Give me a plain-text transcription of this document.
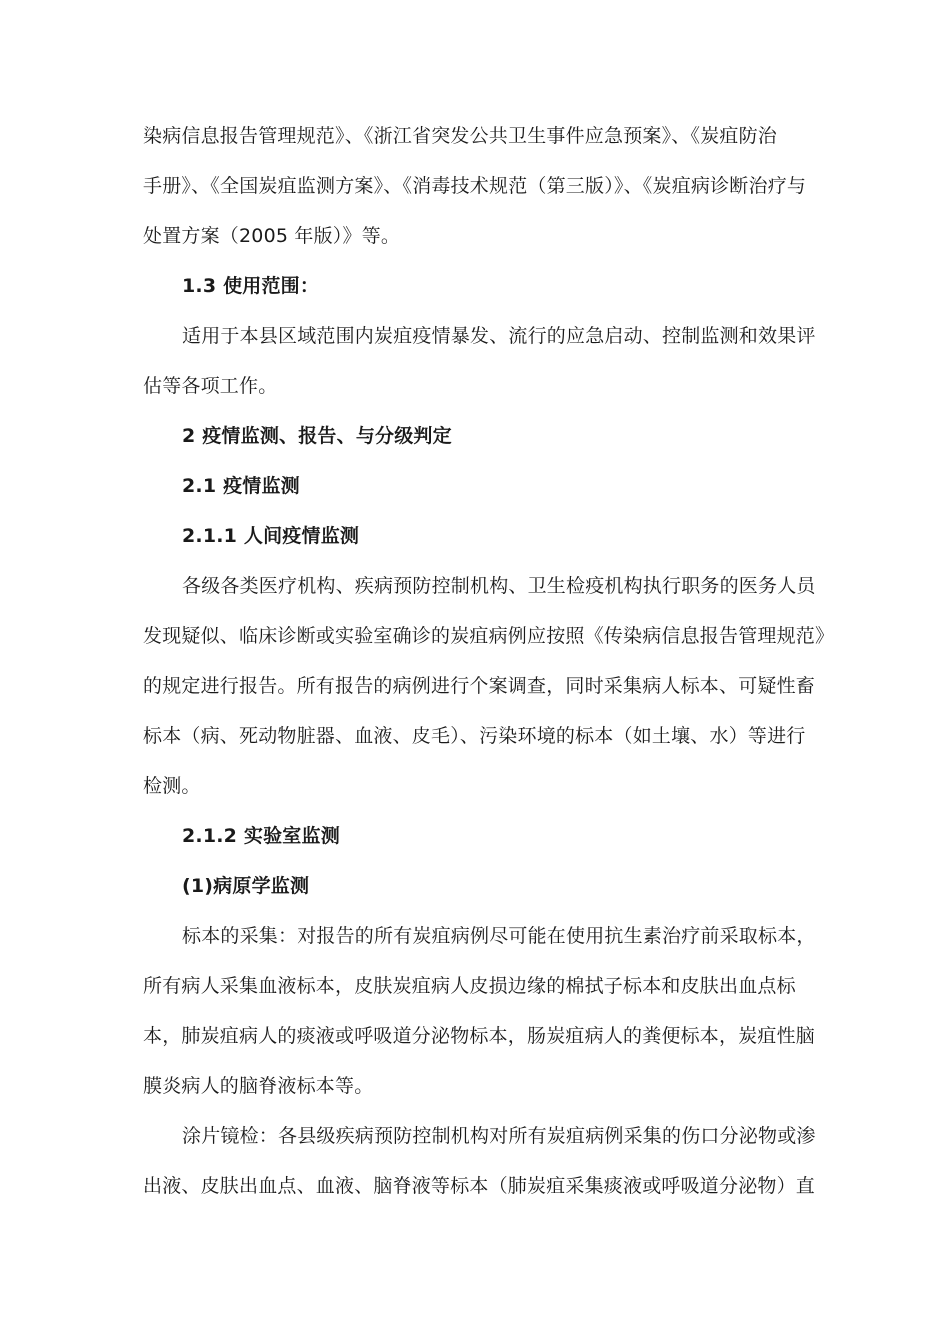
染病信息报告管理规范》、《浙江省突发公共卫生事件应急预案》、《炭疽防治
手册》、《全国炭疽监测方案》、《消毒技术规范（第三版）》、《炭疽病诊断治疗与
处置方案（2005 年版）》等。
1.3 使用范围：
适用于本县区域范围内炭疽疫情暴发、流行的应急启动、控制监测和效果评
估等各项工作。
2 疫情监测、报告、与分级判定
2.1 疫情监测
2.1.1 人间疫情监测
各级各类医疗机构、疾病预防控制机构、卫生检疫机构执行职务的医务人员
发现疑似、临床诊断或实验室确诊的炭疽病例应按照《传染病信息报告管理规范》
的规定进行报告。所有报告的病例进行个案调查，同时采集病人标本、可疑性畜
标本（病、死动物脏器、血液、皮毛）、污染环境的标本（如土壤、水）等进行
检测。
2.1.2 实验室监测
(1)病原学监测
标本的采集：对报告的所有炭疽病例尽可能在使用抗生素治疗前采取标本，
所有病人采集血液标本，皮肤炭疽病人皮损边缘的棉拭子标本和皮肤出血点标
本，肺炭疽病人的痰液或呼吸道分泌物标本，肠炭疽病人的粪便标本，炭疽性脑
膜炎病人的脑脊液标本等。
涂片镜检：各县级疾病预防控制机构对所有炭疽病例采集的伤口分泌物或渗
出液、皮肤出血点、血液、脑脊液等标本（肺炭疽采集痰液或呼吸道分泌物）直
